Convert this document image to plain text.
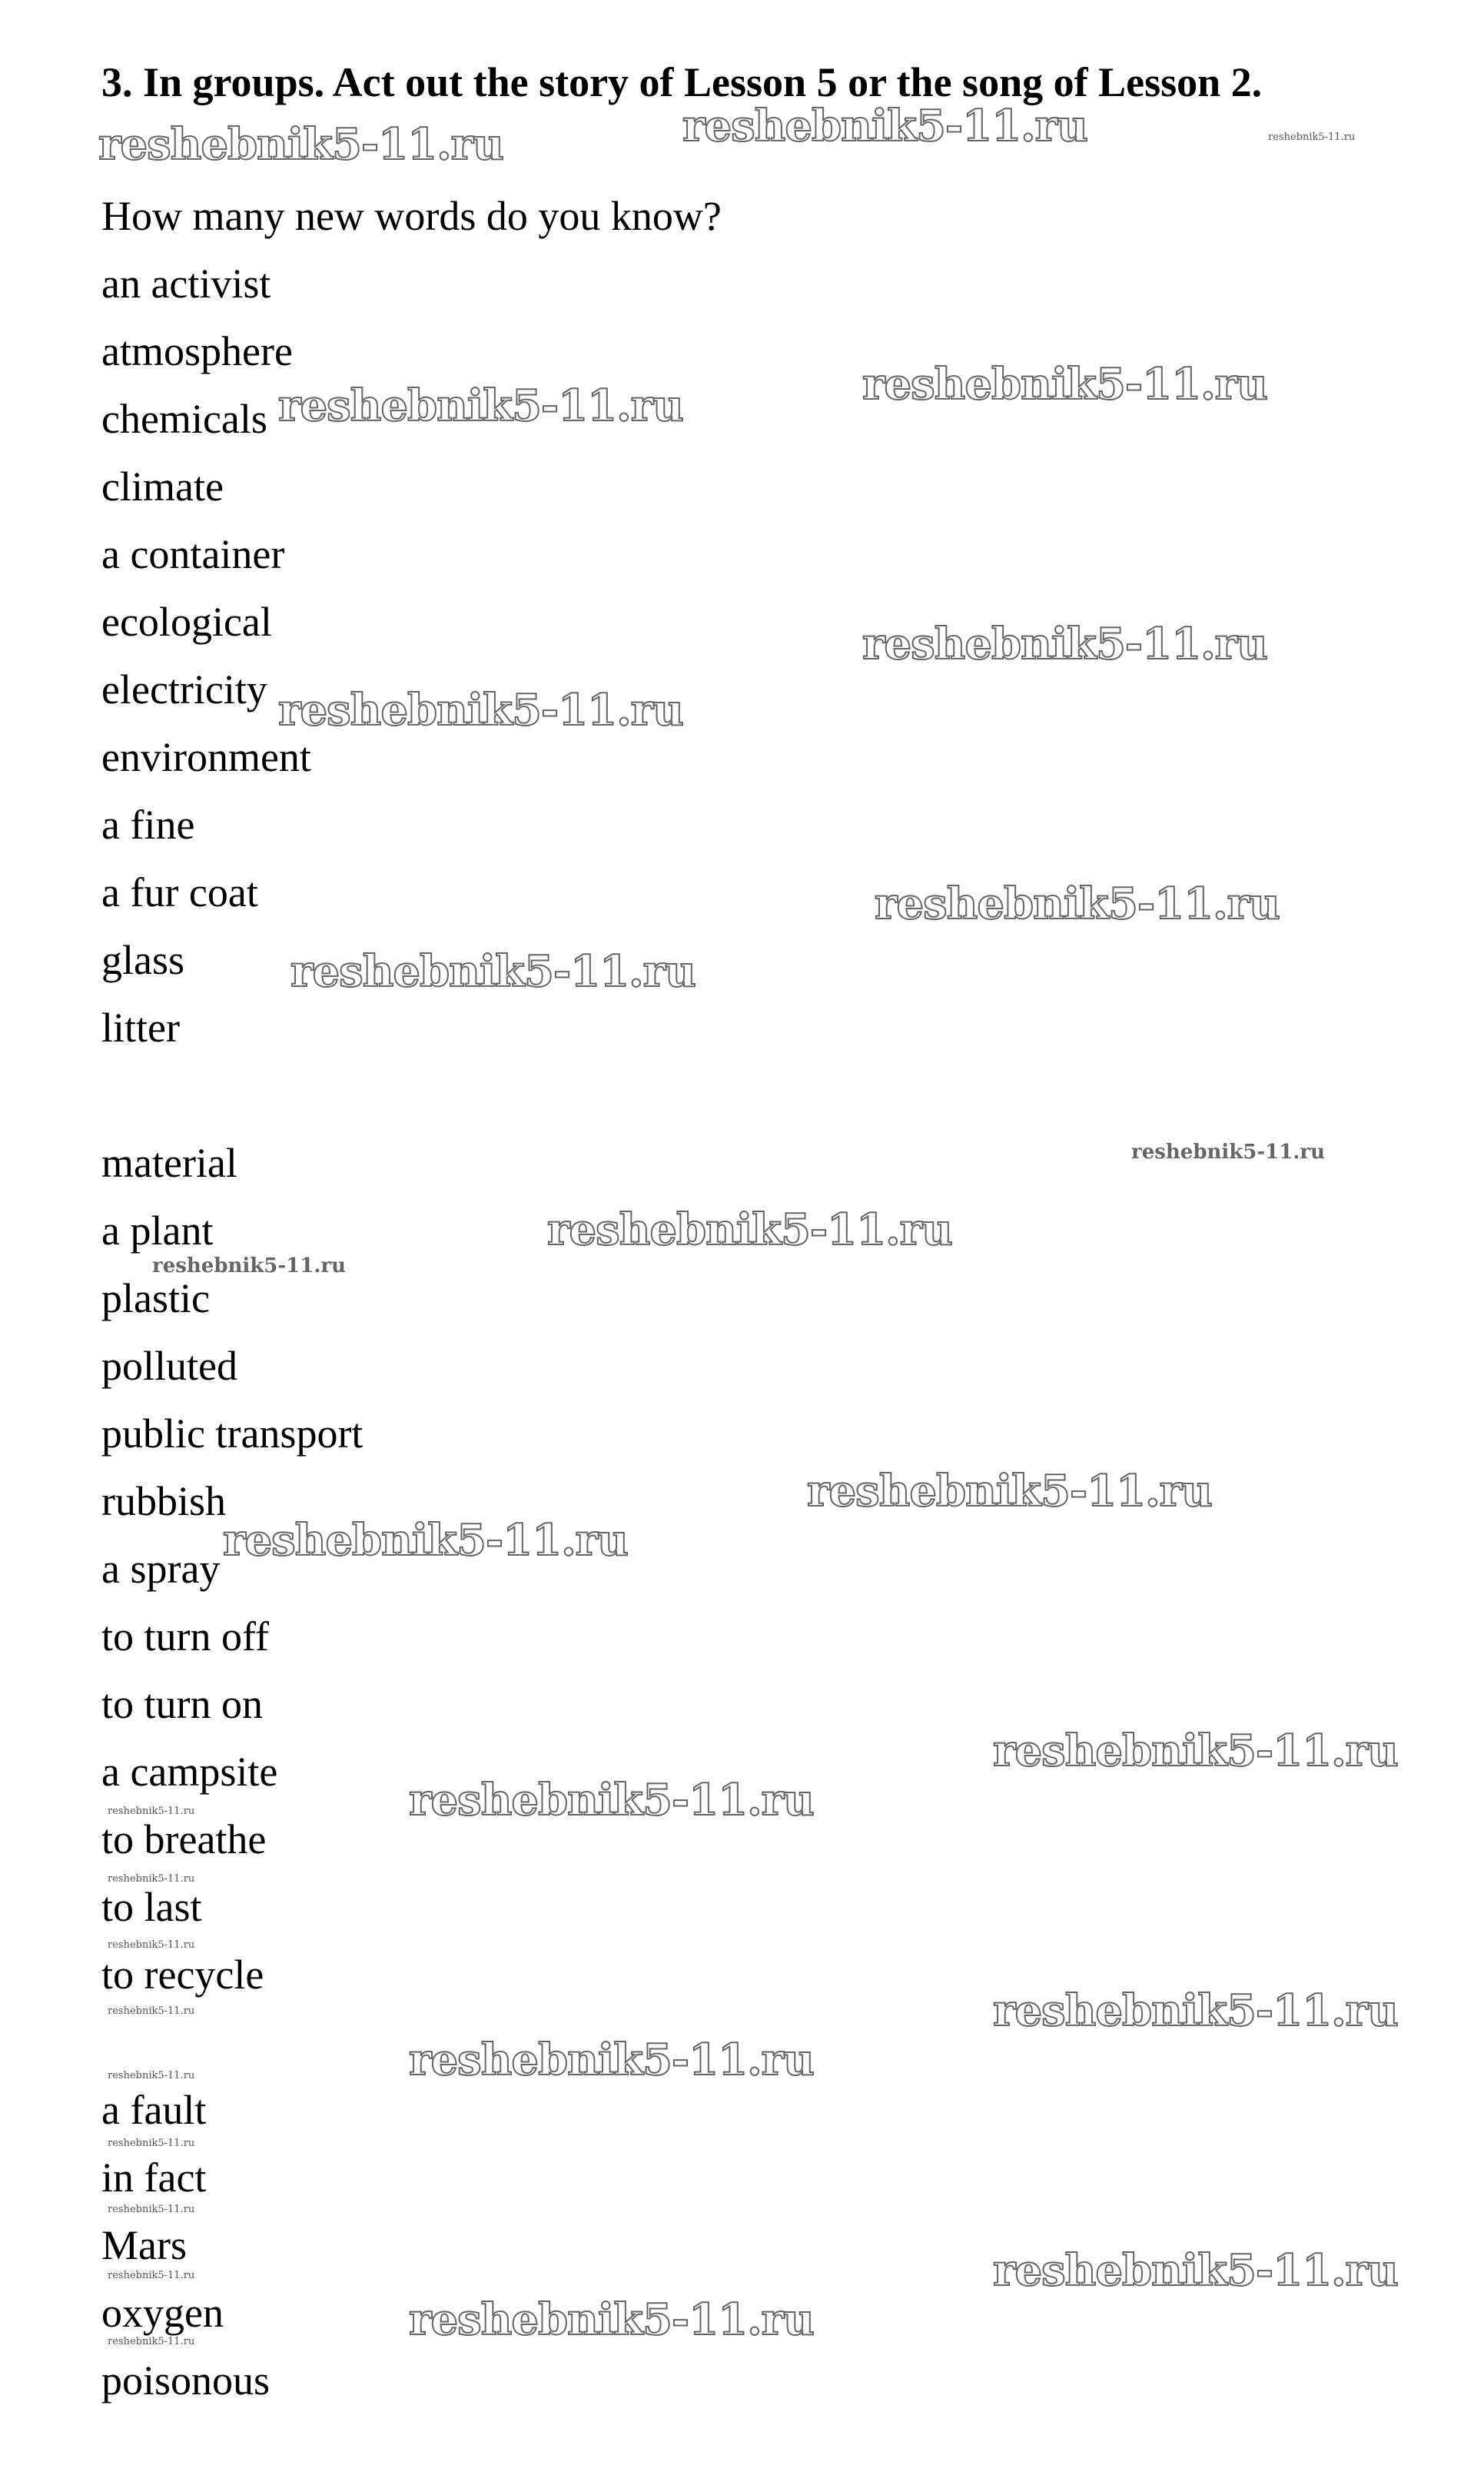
3. In groups. Act out the story of Lesson 5 or the song of Lesson 2.
How many new words do you know?
an activist
atmosphere
chemicals
climate
a container
ecological
electricity
environment
a fine
a fur coat
glass
litter
material
a plant
plastic
polluted
public transport
rubbish
a spray
to turn off
to turn on
a campsite
to breathe
to last
to recycle
a fault
in fact
Mars
oxygen
poisonous
reshebnik5-11.ru	reshebnik5-11.ru	reshebnik5-11.ru
reshebnik5-11.ru
reshebnik5-11.ru
reshebnik5-11.ru
reshebnik5-11.ru
reshebnik5-11.ru
reshebnik5-11.ru
reshebnik5-11.ru
reshebnik5-11.ru
reshebnik5-11.ru
reshebnik5-11.ru
reshebnik5-11.ru
reshebnik5-11.ru
reshebnik5-11.ru
reshebnik5-11.ru
reshebnik5-11.ru
reshebnik5-11.ru
reshebnik5-11.ru	reshebnik5-11.ru
reshebnik5-11.ru
reshebnik5-11.ru
reshebnik5-11.ru
reshebnik5-11.ru
reshebnik5-11.ru
reshebnik5-11.ru
reshebnik5-11.ru
reshebnik5-11.ru
